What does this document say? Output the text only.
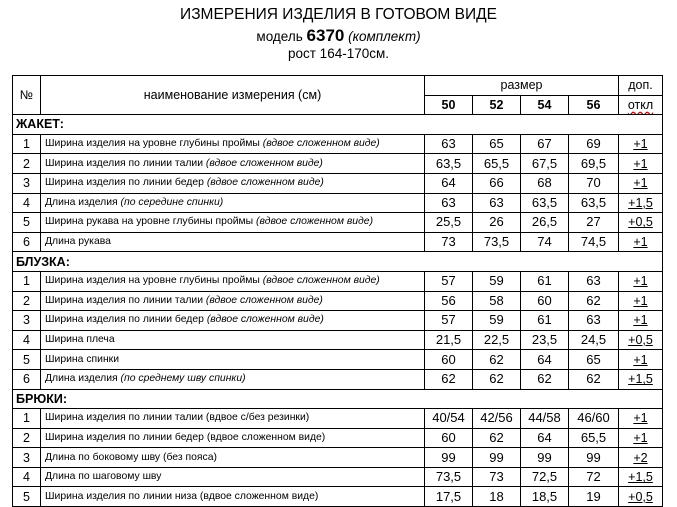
ИЗМЕРЕНИЯ ИЗДЕЛИЯ В ГОТОВОМ ВИДЕ
модель 6370 (комплект)
рост 164-170см.
№	наименование измерения (см)	размер				доп.
		50	52	54	56	откл
ЖАКЕТ:						
1	Ширина изделия на уровне глубины проймы (вдвое сложенном виде)	63	65	67	69	+1
2	Ширина изделия по линии талии (вдвое сложенном виде)	63,5	65,5	67,5	69,5	+1
3	Ширина изделия по линии бедер (вдвое сложенном виде)	64	66	68	70	+1
4	Длина изделия (по середине спинки)	63	63	63,5	63,5	+1,5
5	Ширина рукава на уровне глубины проймы (вдвое сложенном виде)	25,5	26	26,5	27	+0,5
6	Длина рукава	73	73,5	74	74,5	+1
БЛУЗКА:						
1	Ширина изделия на уровне глубины проймы (вдвое сложенном виде)	57	59	61	63	+1
2	Ширина изделия по линии талии (вдвое сложенном виде)	56	58	60	62	+1
3	Ширина изделия по линии бедер (вдвое сложенном виде)	57	59	61	63	+1
4	Ширина плеча	21,5	22,5	23,5	24,5	+0,5
5	Ширина спинки	60	62	64	65	+1
6	Длина изделия (по среднему шву спинки)	62	62	62	62	+1,5
БРЮКИ:						
1	Ширина изделия по линии талии (вдвое с/без резинки)	40/54	42/56	44/58	46/60	+1
2	Ширина изделия по линии бедер (вдвое сложенном виде)	60	62	64	65,5	+1
3	Длина по боковому шву (без пояса)	99	99	99	99	+2
4	Длина по шаговому шву	73,5	73	72,5	72	+1,5
5	Ширина изделия по линии низа (вдвое сложенном виде)	17,5	18	18,5	19	+0,5
